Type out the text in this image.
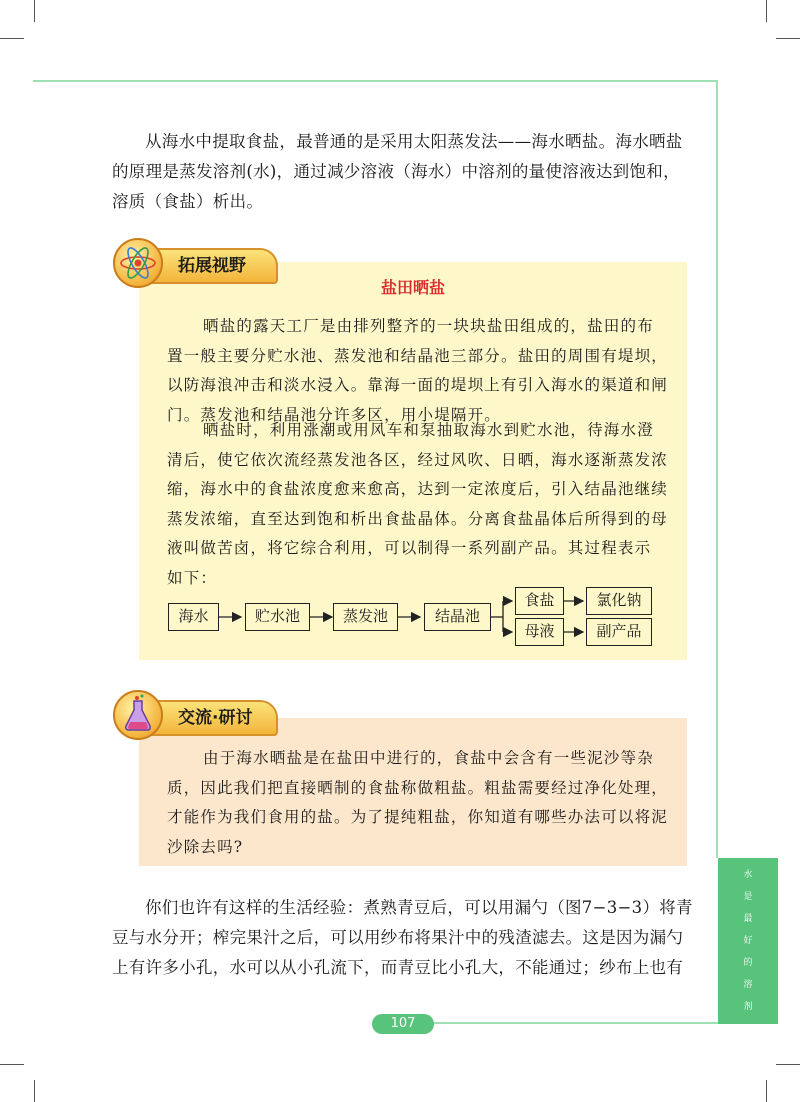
从海水中提取食盐，最普通的是采用太阳蒸发法——海水晒盐。海水晒盐
的原理是蒸发溶剂(水)，通过减少溶液（海水）中溶剂的量使溶液达到饱和，
溶质（食盐）析出。
盐田晒盐
晒盐的露天工厂是由排列整齐的一块块盐田组成的，盐田的布
置一般主要分贮水池、蒸发池和结晶池三部分。盐田的周围有堤坝，
以防海浪冲击和淡水浸入。靠海一面的堤坝上有引入海水的渠道和闸
门。蒸发池和结晶池分许多区，用小堤隔开。
晒盐时，利用涨潮或用风车和泵抽取海水到贮水池，待海水澄
清后，使它依次流经蒸发池各区，经过风吹、日晒，海水逐渐蒸发浓
缩，海水中的食盐浓度愈来愈高，达到一定浓度后，引入结晶池继续
蒸发浓缩，直至达到饱和析出食盐晶体。分离食盐晶体后所得到的母
液叫做苦卤，将它综合利用，可以制得一系列副产品。其过程表示
如下：
海水	贮水池	蒸发池	结晶池
食盐
母液
氯化钠
副产品
拓展视野
由于海水晒盐是在盐田中进行的，食盐中会含有一些泥沙等杂
质，因此我们把直接晒制的食盐称做粗盐。粗盐需要经过净化处理，
才能作为我们食用的盐。为了提纯粗盐，你知道有哪些办法可以将泥
沙除去吗?
交流·研讨
你们也许有这样的生活经验：煮熟青豆后，可以用漏勺（图7−3−3）将青
豆与水分开；榨完果汁之后，可以用纱布将果汁中的残渣滤去。这是因为漏勺
上有许多小孔，水可以从小孔流下，而青豆比小孔大，不能通过；纱布上也有
水
是
最
好
的
溶
剂
107
